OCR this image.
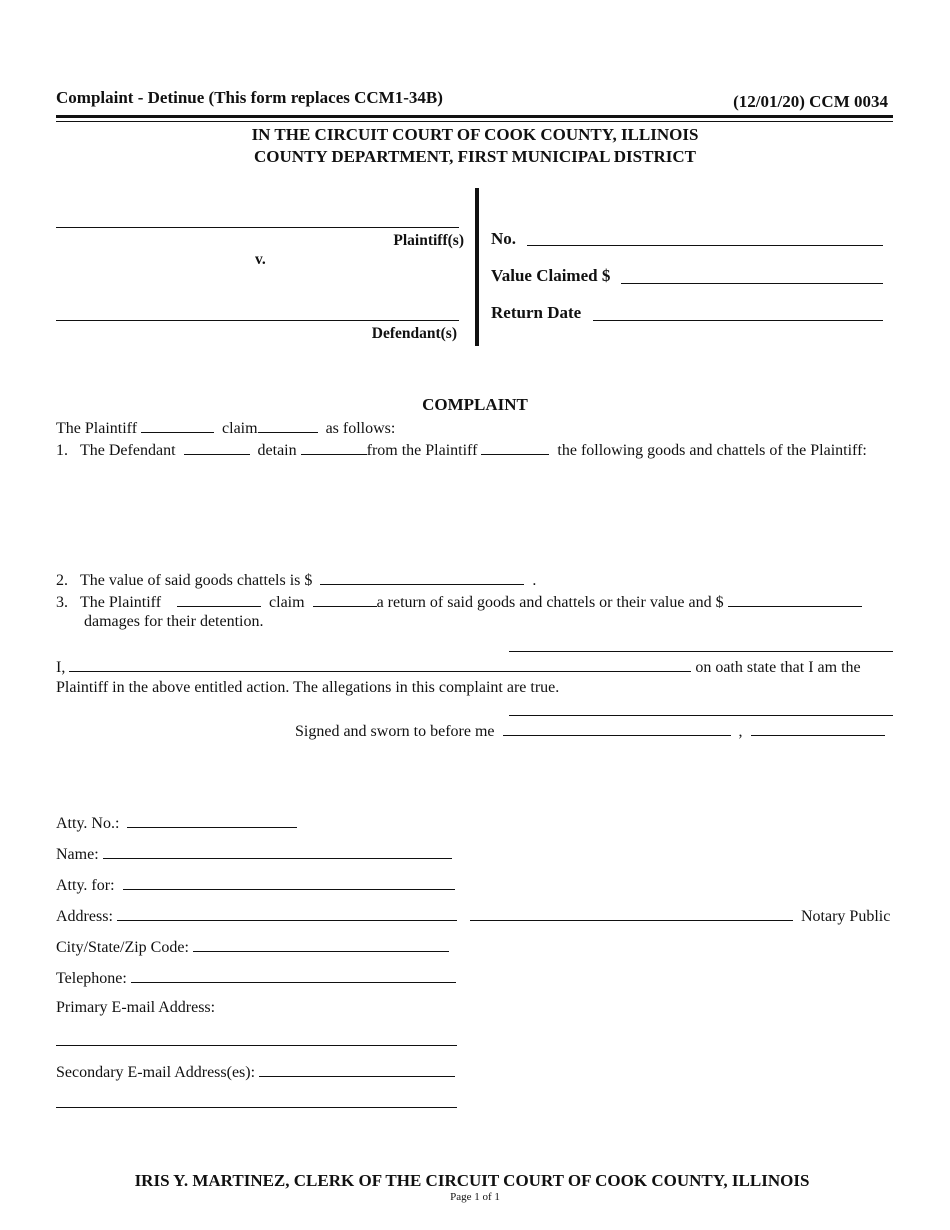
Complaint - Detinue (This form replaces CCM1-34B)	(12/01/20) CCM 0034
IN THE CIRCUIT COURT OF COOK COUNTY, ILLINOIS
COUNTY DEPARTMENT, FIRST MUNICIPAL DISTRICT
Plaintiff(s)
v.
Defendant(s)
No.
Value Claimed $
Return Date
COMPLAINT
The Plaintiff	claim	as follows:
1. The Defendant	detain	from the Plaintiff	the following goods and chattels of the Plaintiff:
2. The value of said goods chattels is $	.
3. The Plaintiff	claim	a return of said goods and chattels or their value and $
damages for their detention.
I,	on oath state that I am the
Plaintiff in the above entitled action. The allegations in this complaint are true.
Signed and sworn to before me	,
Atty. No.:
Name:
Atty. for:
Address:	Notary Public
City/State/Zip Code:
Telephone:
Primary E-mail Address:
Secondary E-mail Address(es):
IRIS Y. MARTINEZ, CLERK OF THE CIRCUIT COURT OF COOK COUNTY, ILLINOIS
Page 1 of 1
